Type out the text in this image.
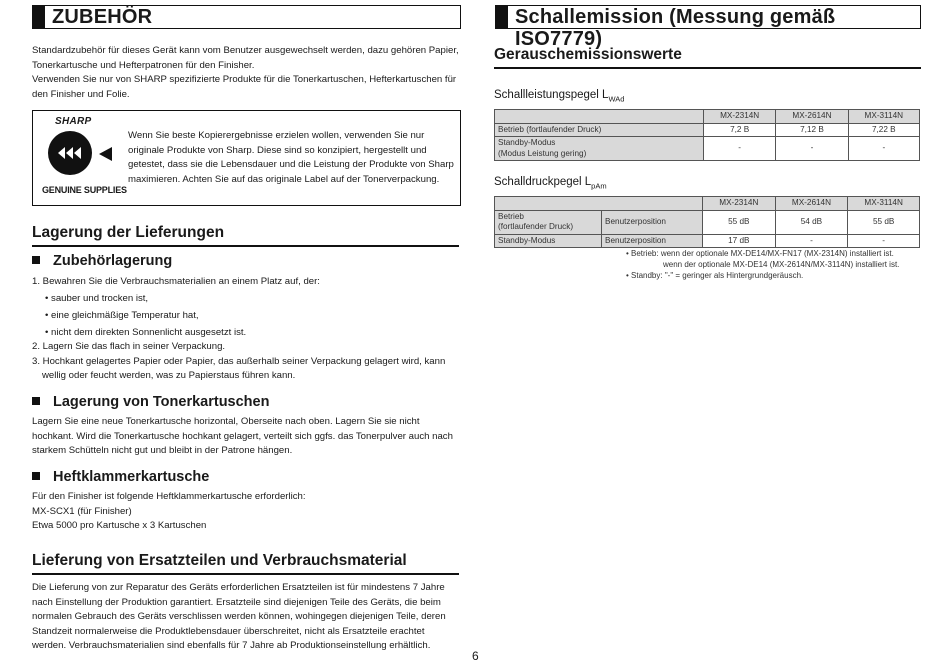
ZUBEHÖR
Standardzubehör für dieses Gerät kann vom Benutzer ausgewechselt werden, dazu gehören Papier,
Tonerkartusche und Hefterpatronen für den Finisher.
Verwenden Sie nur von SHARP spezifizierte Produkte für die Tonerkartuschen, Hefterkartuschen für
den Finisher und Folie.
SHARP
GENUINE SUPPLIES
Wenn Sie beste Kopierergebnisse erzielen wollen, verwenden Sie nur
originale Produkte von Sharp. Diese sind so konzipiert, hergestellt und
getestet, dass sie die Lebensdauer und die Leistung der Produkte von Sharp
maximieren. Achten Sie auf das originale Label auf der Tonerverpackung.
Lagerung der Lieferungen
Zubehörlagerung
1. Bewahren Sie die Verbrauchsmaterialien an einem Platz auf, der:
• sauber und trocken ist,
• eine gleichmäßige Temperatur hat,
• nicht dem direkten Sonnenlicht ausgesetzt ist.
2. Lagern Sie das flach in seiner Verpackung.
3. Hochkant gelagertes Papier oder Papier, das außerhalb seiner Verpackung gelagert wird, kann
wellig oder feucht werden, was zu Papierstaus führen kann.
Lagerung von Tonerkartuschen
Lagern Sie eine neue Tonerkartusche horizontal, Oberseite nach oben. Lagern Sie sie nicht
hochkant. Wird die Tonerkartusche hochkant gelagert, verteilt sich ggfs. das Tonerpulver auch nach
starkem Schütteln nicht gut und bleibt in der Patrone hängen.
Heftklammerkartusche
Für den Finisher ist folgende Heftklammerkartusche erforderlich:
MX-SCX1 (für Finisher)
Etwa 5000 pro Kartusche x 3 Kartuschen
Lieferung von Ersatzteilen und Verbrauchsmaterial
Die Lieferung von zur Reparatur des Geräts erforderlichen Ersatzteilen ist für mindestens 7 Jahre
nach Einstellung der Produktion garantiert. Ersatzteile sind diejenigen Teile des Geräts, die beim
normalen Gebrauch des Geräts verschlissen werden können, wohingegen diejenigen Teile, deren
Standzeit normalerweise die Produktlebensdauer überschreitet, nicht als Ersatzteile erachtet
werden. Verbrauchsmaterialien sind ebenfalls für 7 Jahre ab Produktionseinstellung erhältlich.
6
Schallemission (Messung gemäß ISO7779)
Gerauschemissionswerte
Schallleistungspegel $L_{WAd}$
	MX-2314N	MX-2614N	MX-3114N
Betrieb (fortlaufender Druck)	7,2 B	7,12 B	7,22 B
Standby-Modus
(Modus Leistung gering)	-	-	-
Schalldruckpegel $L_{pAm}$
		MX-2314N	MX-2614N	MX-3114N
Betrieb
(fortlaufender Druck)	Benutzerposition	55 dB	54 dB	55 dB
Standby-Modus	Benutzerposition	17 dB	-	-
• Betrieb: wenn der optionale MX-DE14/MX-FN17 (MX-2314N) installiert ist.
wenn der optionale MX-DE14 (MX-2614N/MX-3114N) installiert ist.
• Standby: "-" = geringer als Hintergrundgeräusch.
